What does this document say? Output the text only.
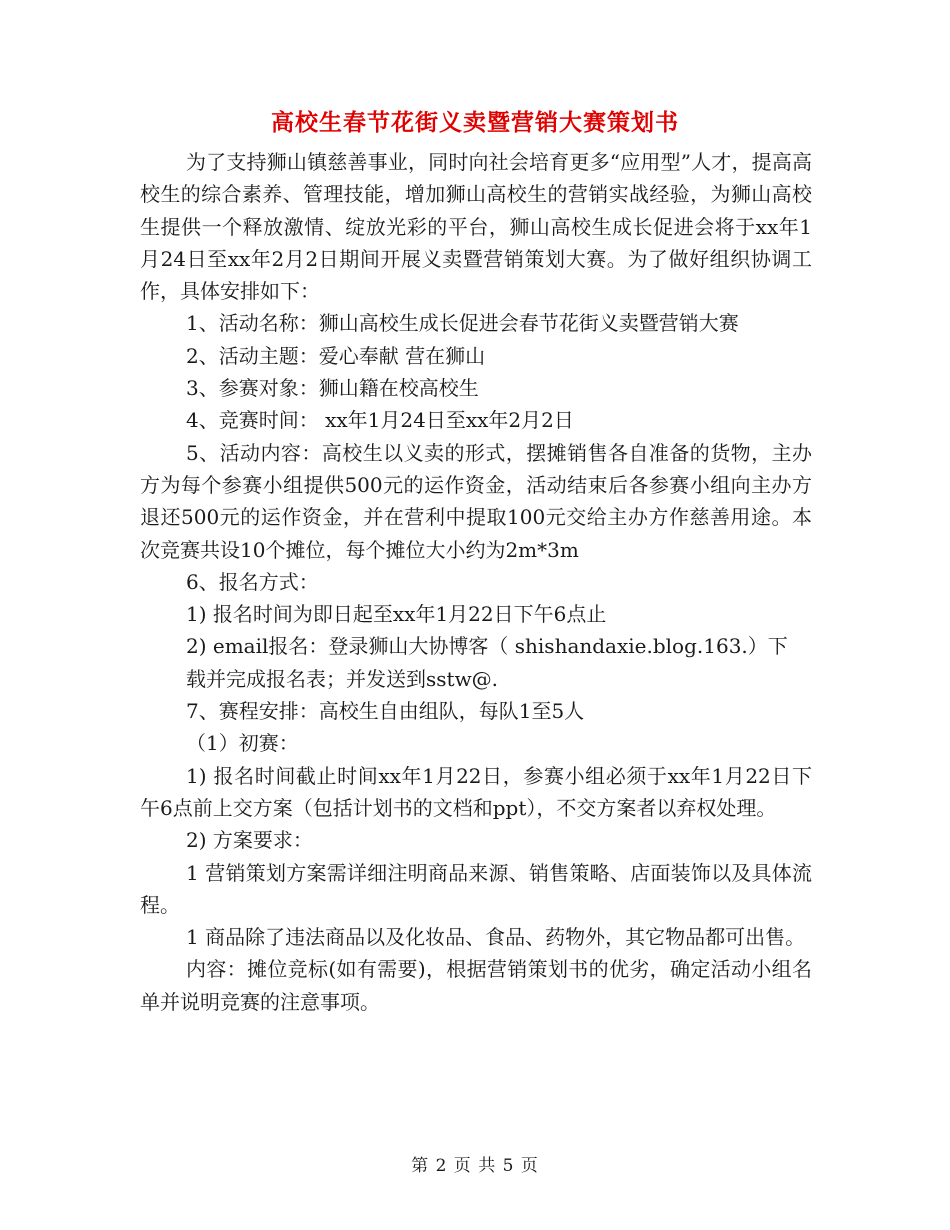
高校生春节花街义卖暨营销大赛策划书

为了支持狮山镇慈善事业，同时向社会培育更多“应用型”人才，提高高校生的综合素养、管理技能，增加狮山高校生的营销实战经验，为狮山高校生提供一个释放激情、绽放光彩的平台，狮山高校生成长促进会将于xx年1月24日至xx年2月2日期间开展义卖暨营销策划大赛。为了做好组织协调工作，具体安排如下：

1、活动名称：狮山高校生成长促进会春节花街义卖暨营销大赛

2、活动主题：爱心奉献 营在狮山

3、参赛对象：狮山籍在校高校生

4、竞赛时间： xx年1月24日至xx年2月2日

5、活动内容：高校生以义卖的形式，摆摊销售各自准备的货物，主办方为每个参赛小组提供500元的运作资金，活动结束后各参赛小组向主办方退还500元的运作资金，并在营利中提取100元交给主办方作慈善用途。本次竞赛共设10个摊位，每个摊位大小约为2m*3m

6、报名方式：

1) 报名时间为即日起至xx年1月22日下午6点止

2) email报名：登录狮山大协博客（ shishandaxie.blog.163.）下

载并完成报名表；并发送到sstw@.

7、赛程安排：高校生自由组队，每队1至5人

（1）初赛：

1) 报名时间截止时间xx年1月22日，参赛小组必须于xx年1月22日下午6点前上交方案（包括计划书的文档和ppt），不交方案者以弃权处理。

2) 方案要求：

1 营销策划方案需详细注明商品来源、销售策略、店面装饰以及具体流程。

1 商品除了违法商品以及化妆品、食品、药物外，其它物品都可出售。

内容：摊位竞标(如有需要)，根据营销策划书的优劣，确定活动小组名单并说明竞赛的注意事项。

第 2 页 共 5 页
